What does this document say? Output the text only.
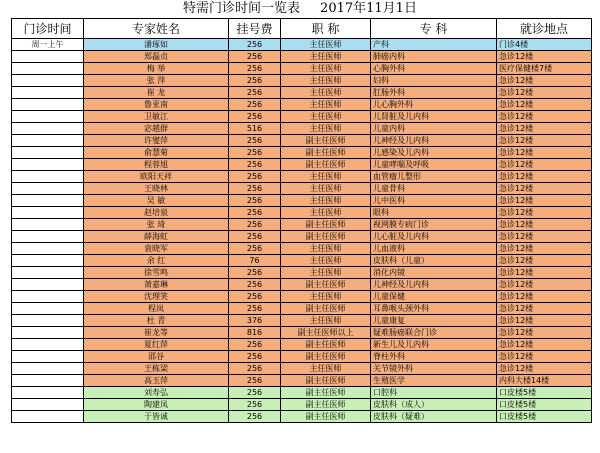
特需门诊时间一览表 2017年11月1日
门诊时间	专家姓名	挂号费	职 称	专 科	就诊地点
周一上午	潘琢如	256	主任医师	产科	门诊4楼
	郑磊贞	256	主任医师	肺癌内科	急诊12楼
	梅 举	256	主任医师	心胸外科	医疗保健楼7楼
	张 萍	256	主任医师	妇科	急诊12楼
	崔 龙	256	主任医师	肛肠外科	急诊12楼
	鲁亚南	256	主任医师	儿心胸外科	急诊12楼
	卫敏江	256	主任医师	儿肾脏及儿内科	急诊12楼
	宓越群	516	主任医师	儿童内科	急诊12楼
	许燮萍	256	副主任医师	儿神经及儿内科	急诊12楼
	俞慧菊	256	副主任医师	儿感染及儿内科	急诊12楼
	程蓉旭	256	副主任医师	儿童哮喘及呼吸	急诊12楼
	欧阳天祥	256	主任医师	血管瘤儿整形	急诊12楼
	王晓林	256	主任医师	儿童骨科	急诊12楼
	吴 敏	256	主任医师	儿中医科	急诊12楼
	赵培泉	256	主任医师	眼科	急诊12楼
	张 琦	256	副主任医师	视网膜专病门诊	急诊12楼
	薛海虹	256	副主任医师	儿心脏及儿内科	急诊12楼
	袁晓军	256	主任医师	儿血液科	急诊12楼
	余 红	76	主任医师	皮肤科（儿童）	急诊12楼
	徐雪鸣	256	主任医师	消化内镜	急诊12楼
	萧嘉琳	256	副主任医师	儿神经及儿内科	急诊12楼
	沈理笑	256	主任医师	儿童保健	急诊12楼
	程岚	256	副主任医师	耳鼻喉头颈外科	急诊12楼
	杜 青	376	主任医师	儿童康复	急诊12楼
	崔龙等	816	副主任医师以上	疑难肠癌联合门诊	急诊12楼
	夏红萍	256	副主任医师	新生儿及儿内科	急诊12楼
	邵谷	256	副主任医师	脊柱外科	急诊12楼
	王栋梁	256	主任医师	关节镜外科	急诊12楼
	高玉萍	256	副主任医师	生殖医学	内科大楼14楼
	刘寿弘	256	副主任医师	口腔科	口皮楼5楼
	陶建凤	256	副主任医师	皮肤科（成人）	口皮楼5楼
	于皆诚	256	副主任医师	皮肤科（疑难）	口皮楼5楼
